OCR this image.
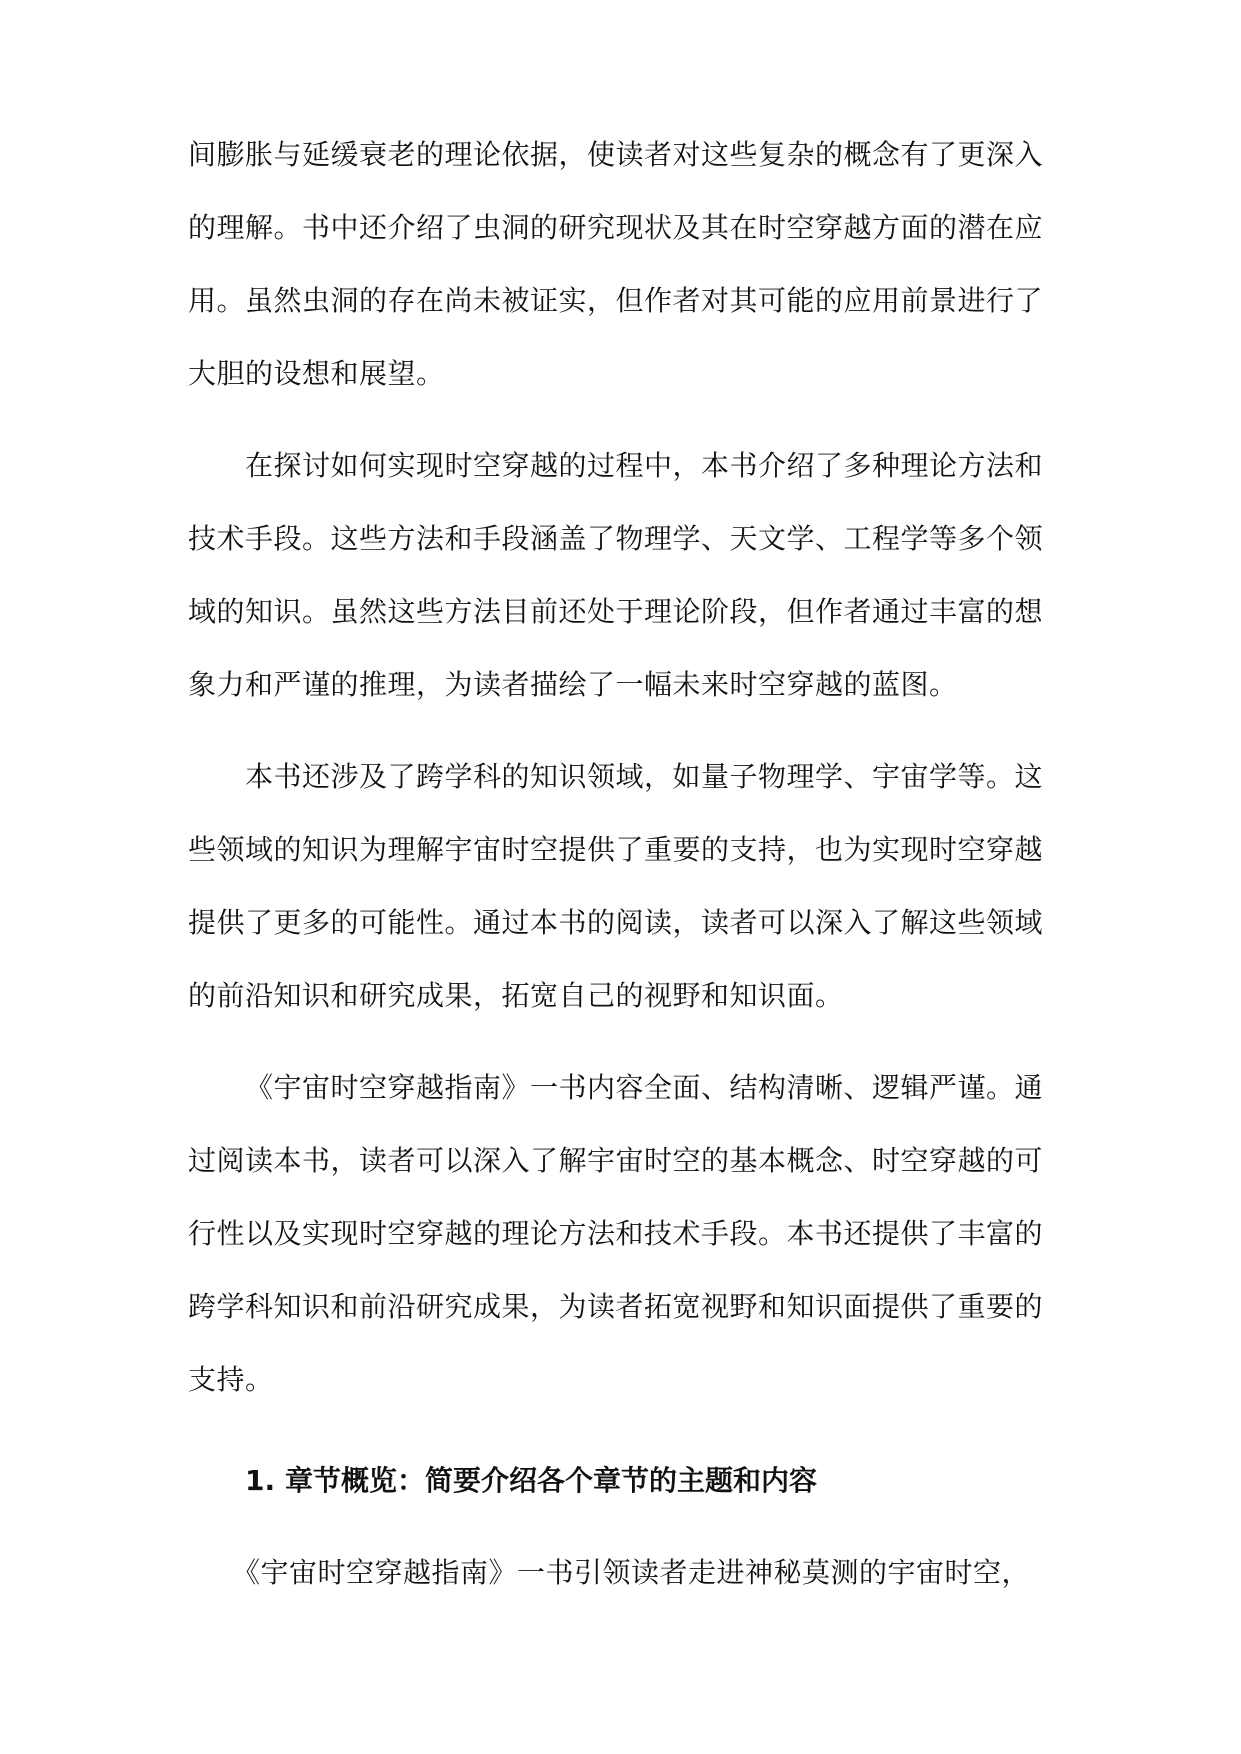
间膨胀与延缓衰老的理论依据，使读者对这些复杂的概念有了更深入
的理解。书中还介绍了虫洞的研究现状及其在时空穿越方面的潜在应
用。虽然虫洞的存在尚未被证实，但作者对其可能的应用前景进行了
大胆的设想和展望。
在探讨如何实现时空穿越的过程中，本书介绍了多种理论方法和
技术手段。这些方法和手段涵盖了物理学、天文学、工程学等多个领
域的知识。虽然这些方法目前还处于理论阶段，但作者通过丰富的想
象力和严谨的推理，为读者描绘了一幅未来时空穿越的蓝图。
本书还涉及了跨学科的知识领域，如量子物理学、宇宙学等。这
些领域的知识为理解宇宙时空提供了重要的支持，也为实现时空穿越
提供了更多的可能性。通过本书的阅读，读者可以深入了解这些领域
的前沿知识和研究成果，拓宽自己的视野和知识面。
《宇宙时空穿越指南》一书内容全面、结构清晰、逻辑严谨。通
过阅读本书，读者可以深入了解宇宙时空的基本概念、时空穿越的可
行性以及实现时空穿越的理论方法和技术手段。本书还提供了丰富的
跨学科知识和前沿研究成果，为读者拓宽视野和知识面提供了重要的
支持。
1. 章节概览：简要介绍各个章节的主题和内容
《宇宙时空穿越指南》一书引领读者走进神秘莫测的宇宙时空，
